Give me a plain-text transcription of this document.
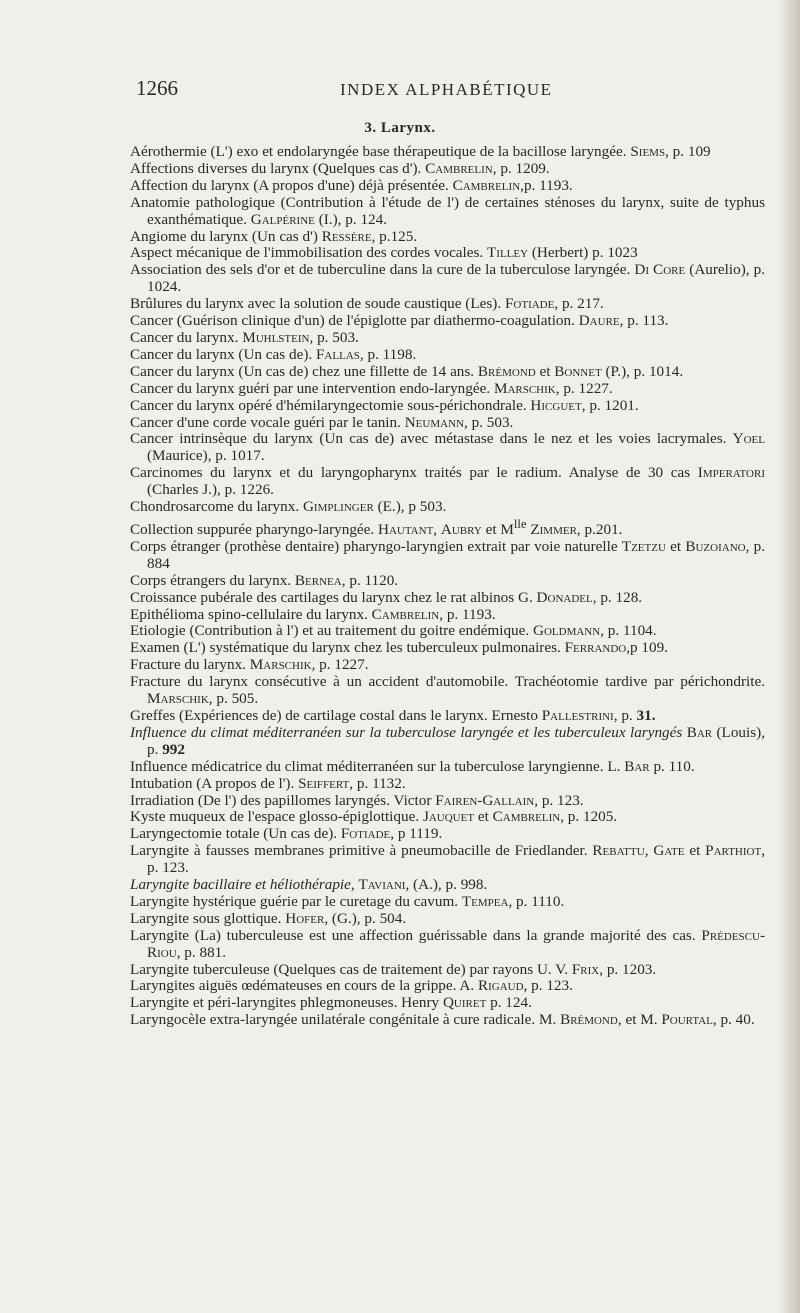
1266	INDEX ALPHABÉTIQUE
3. Larynx.

Aérothermie (L') exo et endolaryngée base thérapeutique de la bacillose laryngée. Siems, p. 109

Affections diverses du larynx (Quelques cas d'). Cambrelin, p. 1209.

Affection du larynx (A propos d'une) déjà présentée. Cambrelin,p. 1193.

Anatomie pathologique (Contribution à l'étude de l') de certaines sténoses du larynx, suite de typhus exanthématique. Galpérine (I.), p. 124.

Angiome du larynx (Un cas d') Ressère, p.125.

Aspect mécanique de l'immobilisation des cordes vocales. Tilley (Herbert) p. 1023

Association des sels d'or et de tuberculine dans la cure de la tuberculose laryngée. Di Core (Aurelio), p. 1024.

Brûlures du larynx avec la solution de soude caustique (Les). Fotiade, p. 217.

Cancer (Guérison clinique d'un) de l'épiglotte par diathermo-coagulation. Daure, p. 113.

Cancer du larynx. Muhlstein, p. 503.

Cancer du larynx (Un cas de). Fallas, p. 1198.

Cancer du larynx (Un cas de) chez une fillette de 14 ans. Brémond et Bonnet (P.), p. 1014.

Cancer du larynx guéri par une intervention endo-laryngée. Marschik, p. 1227.

Cancer du larynx opéré d'hémilaryngectomie sous-périchondrale. Hicguet, p. 1201.

Cancer d'une corde vocale guéri par le tanin. Neumann, p. 503.

Cancer intrinsèque du larynx (Un cas de) avec métastase dans le nez et les voies lacrymales. Yoel (Maurice), p. 1017.

Carcinomes du larynx et du laryngopharynx traités par le radium. Analyse de 30 cas Imperatori (Charles J.), p. 1226.

Chondrosarcome du larynx. Gimplinger (E.), p 503.

Collection suppurée pharyngo-laryngée. Hautant, Aubry et $M^{lle}$ Zimmer, p.201.

Corps étranger (prothèse dentaire) pharyngo-laryngien extrait par voie naturelle Tzetzu et Buzoiano, p. 884

Corps étrangers du larynx. Bernea, p. 1120.

Croissance pubérale des cartilages du larynx chez le rat albinos G. Donadel, p. 128.

Epithélioma spino-cellulaire du larynx. Cambrelin, p. 1193.

Etiologie (Contribution à l') et au traitement du goitre endémique. Goldmann, p. 1104.

Examen (L') systématique du larynx chez les tuberculeux pulmonaires. Ferrando,p 109.

Fracture du larynx. Marschik, p. 1227.

Fracture du larynx consécutive à un accident d'automobile. Trachéotomie tardive par périchondrite. Marschik, p. 505.

Greffes (Expériences de) de cartilage costal dans le larynx. Ernesto Pallestrini, p. 31.

Influence du climat méditerranéen sur la tuberculose laryngée et les tuberculeux laryngés Bar (Louis), p. 992

Influence médicatrice du climat méditerranéen sur la tuberculose laryngienne. L. Bar p. 110.

Intubation (A propos de l'). Seiffert, p. 1132.

Irradiation (De l') des papillomes laryngés. Victor Fairen-Gallain, p. 123.

Kyste muqueux de l'espace glosso-épiglottique. Jauquet et Cambrelin, p. 1205.

Laryngectomie totale (Un cas de). Fotiade, p 1119.

Laryngite à fausses membranes primitive à pneumobacille de Friedlander. Rebattu, Gate et Parthiot, p. 123.

Laryngite bacillaire et héliothérapie, Taviani, (A.), p. 998.

Laryngite hystérique guérie par le curetage du cavum. Tempea, p. 1110.

Laryngite sous glottique. Hofer, (G.), p. 504.

Laryngite (La) tuberculeuse est une affection guérissable dans la grande majorité des cas. Prédescu-Riou, p. 881.

Laryngite tuberculeuse (Quelques cas de traitement de) par rayons U. V. Frix, p. 1203.

Laryngites aiguës œdémateuses en cours de la grippe. A. Rigaud, p. 123.

Laryngite et péri-laryngites phlegmoneuses. Henry Quiret p. 124.

Laryngocèle extra-laryngée unilatérale congénitale à cure radicale. M. Brémond, et M. Pourtal, p. 40.
